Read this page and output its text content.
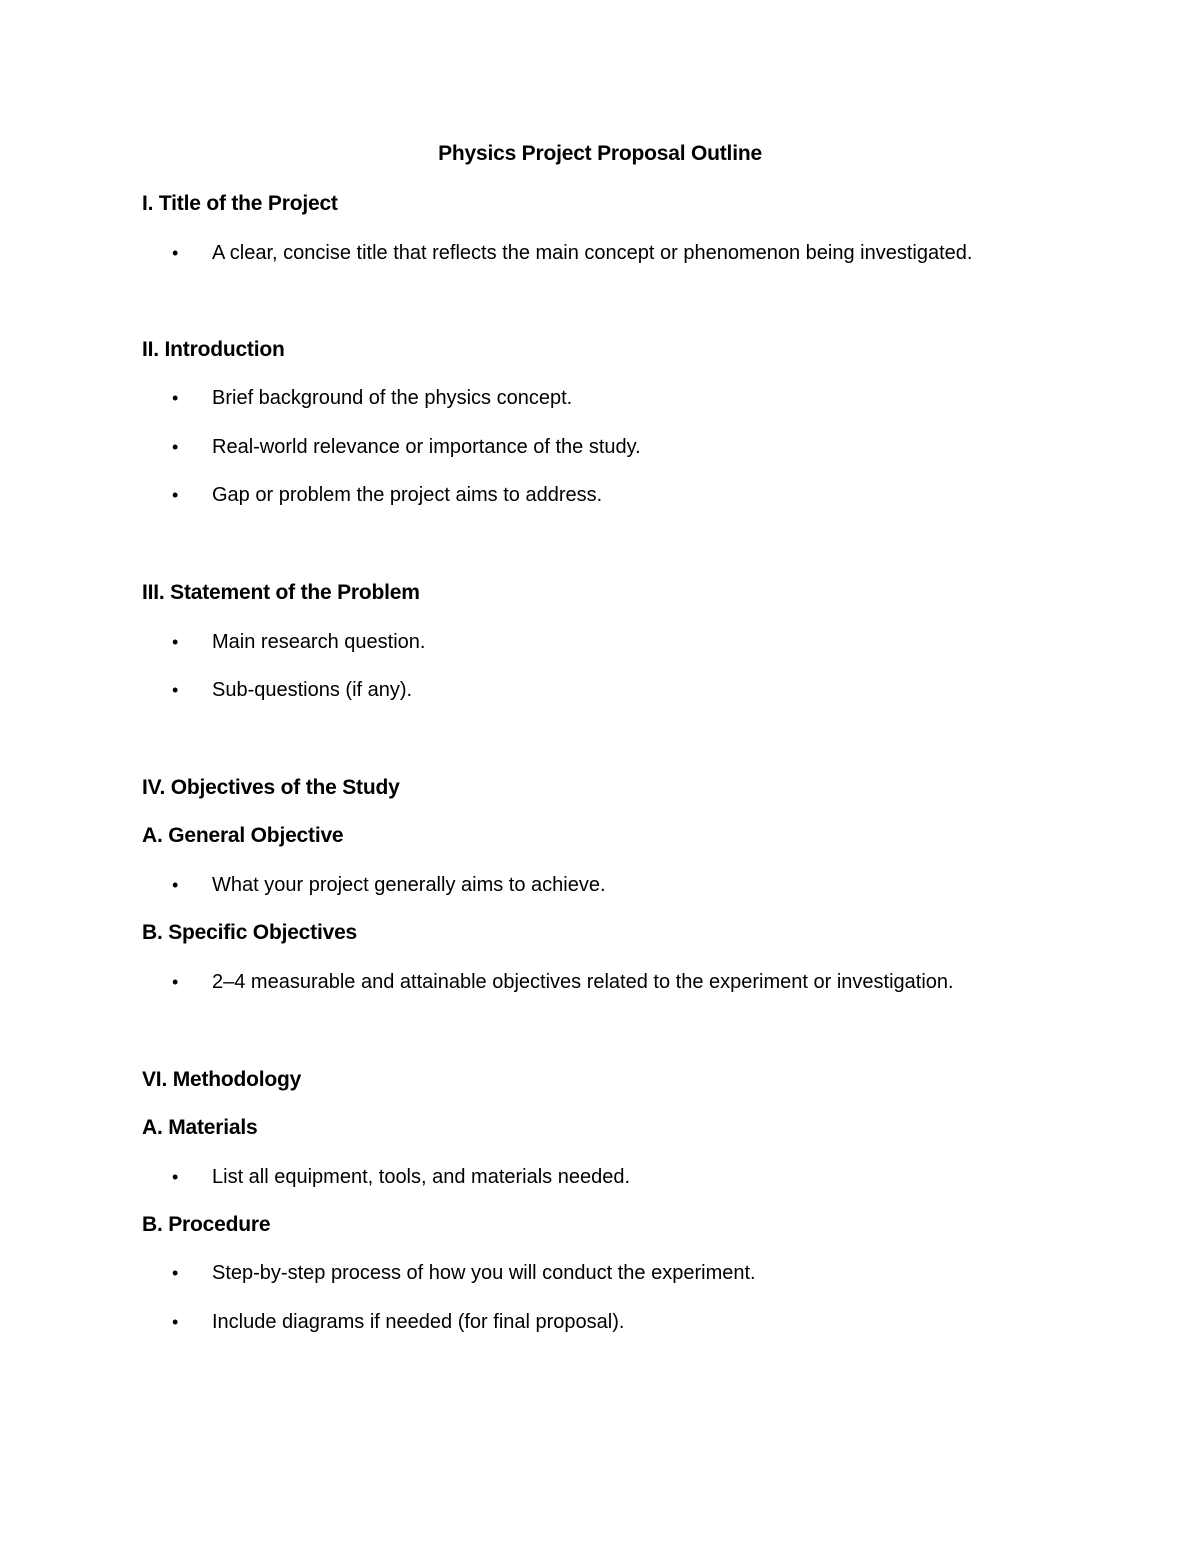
Physics Project Proposal Outline
I. Title of the Project
• A clear, concise title that reflects the main concept or phenomenon being investigated.
II. Introduction
• Brief background of the physics concept.
• Real-world relevance or importance of the study.
• Gap or problem the project aims to address.
III. Statement of the Problem
• Main research question.
• Sub-questions (if any).
IV. Objectives of the Study
A. General Objective
• What your project generally aims to achieve.
B. Specific Objectives
• 2–4 measurable and attainable objectives related to the experiment or investigation.
VI. Methodology
A. Materials
• List all equipment, tools, and materials needed.
B. Procedure
• Step-by-step process of how you will conduct the experiment.
• Include diagrams if needed (for final proposal).
